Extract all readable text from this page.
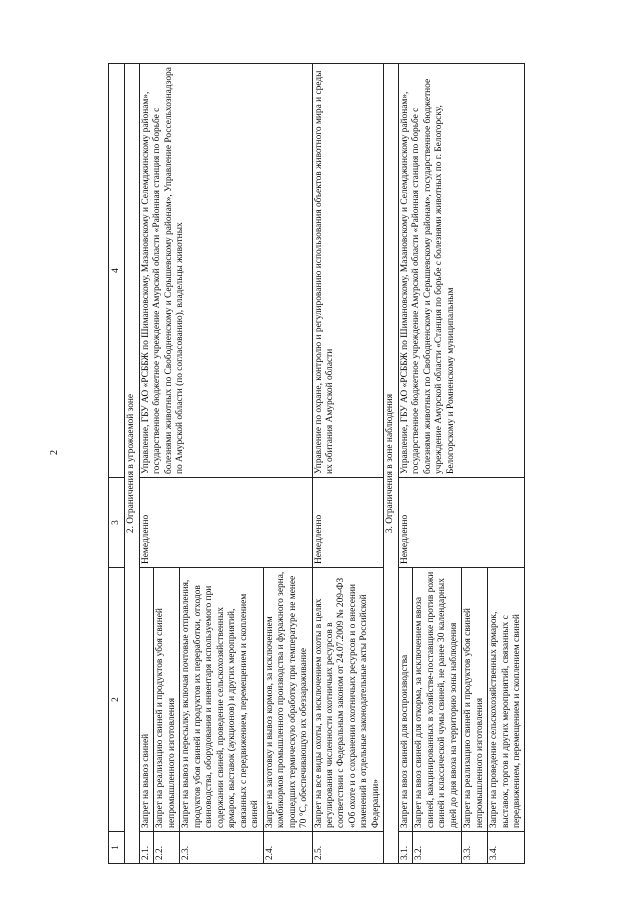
2
1	2	3	4
2. Ограничения в угрожаемой зоне			
2.1.	Запрет на вывоз свиней	Немедленно	Управление, ГБУ АО «РСББЖ по Шимановскому, Мазановскому и Селемджинскому районам», государственное бюджетное учреждение Амурской области «Районная станция по борьбе с болезнями животных по Свободненскому и Серышевскому районам», Управление Россельхознадзора по Амурской области (по согласованию), владельцы животных
2.2.	Запрет на реализацию свиней и продуктов убоя свиней непромышленного изготовления		
2.3.	Запрет на вывоз и пересылку, включая почтовые отправления, продуктов убоя свиней и продуктов их переработки, отходов свиноводства, оборудования и инвентаря используемого при содержании свиней, проведение сельскохозяйственных ярмарок, выставок (аукционов) и других мероприятий, связанных с передвижением, перемещением и скоплением свиней		
2.4.	Запрет на заготовку и вывоз кормов, за исключением комбикормов промышленного производства и фуражного зерна, прошедших термическую обработку при температуре не менее 70 °С, обеспечивающую их обеззараживание		
2.5.	Запрет на все виды охоты, за исключением охоты в целях регулирования численности охотничьих ресурсов в соответствии с Федеральным законом от 24.07.2009 № 209-ФЗ «Об охоте и о сохранении охотничьих ресурсов и о внесении изменений в отдельные законодательные акты Российской Федерации»	Немедленно	Управление по охране, контролю и регулированию использования объектов животного мира и среды их обитания Амурской области
3. Ограничения в зоне наблюдения			
3.1.	Запрет на ввоз свиней для воспроизводства	Немедленно	Управление, ГБУ АО «РСББЖ по Шимановскому, Мазановскому и Селемджинскому районам», государственное бюджетное учреждение Амурской области «Районная станция по борьбе с болезнями животных по Свободненскому и Серышевскому районам», государственное бюджетное учреждение Амурской области «Станция по борьбе с болезнями животных по г. Белогорску, Белогорскому и Ромненскому муниципальным
3.2.	Запрет на ввоз свиней для откорма, за исключением ввоза свиней, вакцинированных в хозяйстве-поставщике против рожи свиней и классической чумы свиней, не ранее 30 календарных дней до дня ввоза на территорию зоны наблюдения		
3.3.	Запрет на реализацию свиней и продуктов убоя свиней непромышленного изготовления		
3.4.	Запрет на проведение сельскохозяйственных ярмарок, выставок, торгов и других мероприятий, связанных с передвижением, перемещением и скоплением свиней		
